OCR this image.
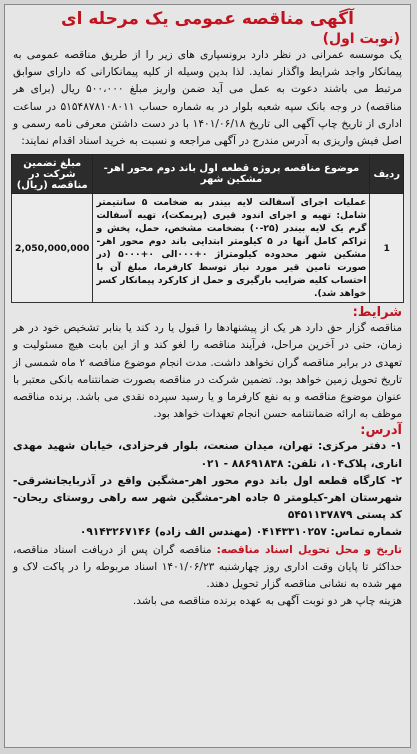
آگهی مناقصه عمومی یک مرحله ای
(نوبت اول)

یک موسسه عمرانی در نظر دارد برونسپاری های زیر را از طریق مناقصه عمومی به پیمانکار واجد شرایط واگذار نماید. لذا بدین وسیله از کلیه پیمانکارانی که دارای سوابق مرتبط می باشند دعوت به عمل می آید ضمن واریز مبلغ ۵۰۰،۰۰۰ ریال (برای هر مناقصه) در وجه بانک سپه شعبه بلوار در به شماره حساب ۵۱۵۴۸۷۸۱۰۸۰۱۱ در ساعت اداری از تاریخ چاپ آگهی الی تاریخ ۱۴۰۱/۰۶/۱۸ با در دست داشتن معرفی نامه رسمی و اصل فیش واریزی به آدرس مندرج در آگهی مراجعه و نسبت به خرید اسناد اقدام نمایند:

ردیف	موضوع مناقصه پروژه قطعه اول باند دوم محور اهر- مشکین شهر	مبلغ تضمین شرکت در مناقصه (ریال)
1	عملیات اجرای آسفالت لایه بیندر به ضخامت ۵ سانتیمتر شامل: تهیه و اجرای اندود قیری (پریمکت)، تهیه آسفالت گرم یک لایه بیندر (۲۵-۰) بضخامت مشخص، حمل، پخش و تراکم کامل آنها در ۵ کیلومتر ابتدایی باند دوم محور اهر-مشکین شهر محدوده کیلومتراژ ۰+۰۰۰الی ۰+۵۰۰۰ (در صورت تامین قیر مورد نیاز توسط کارفرما، مبلغ آن با احتساب کلیه ضرایب بارگیری و حمل از کارکرد پیمانکار کسر خواهد شد).	2,050,000,000
شرایط:

مناقصه گزار حق دارد هر یک از پیشنهادها را قبول یا رد کند یا بنابر تشخیص خود در هر زمان، حتی در آخرین مراحل، فرآیند مناقصه را لغو کند و از این بابت هیچ مسئولیت و تعهدی در برابر مناقصه گران نخواهد داشت. مدت انجام موضوع مناقصه ۲ ماه شمسی از تاریخ تحویل زمین خواهد بود. تضمین شرکت در مناقصه بصورت ضمانتنامه بانکی معتبر با عنوان موضوع مناقصه و به نفع کارفرما و یا رسید سپرده نقدی می باشد. برنده مناقصه موظف به ارائه ضمانتنامه حسن انجام تعهدات خواهد بود.

آدرس:

۱- دفتر مرکزی: تهران، میدان صنعت، بلوار فرحزادی، خیابان شهید مهدی اناری، پلاک۱۰۴، تلفن: ۸۸۶۹۱۸۳۸ - ۰۲۱

۲- کارگاه قطعه اول باند دوم محور اهر-مشگین واقع در آذربایجانشرقی- شهرستان اهر-کیلومتر ۵ جاده اهر-مشگین شهر سه راهی روستای ریحان- کد پستی ۵۴۵۱۱۳۷۸۷۹

شماره تماس: ۰۴۱۴۳۳۱۰۲۵۷ (مهندس الف زاده) ۰۹۱۴۳۲۶۷۱۴۶

تاریخ و محل تحویل اسناد مناقصه: مناقصه گران پس از دریافت اسناد مناقصه، حداکثر تا پایان وقت اداری روز چهارشنبه ۱۴۰۱/۰۶/۲۳ اسناد مربوطه را در پاکت لاک و مهر شده به نشانی مناقصه گزار تحویل دهند.

هزینه چاپ هر دو نوبت آگهی به عهده برنده مناقصه می باشد.
